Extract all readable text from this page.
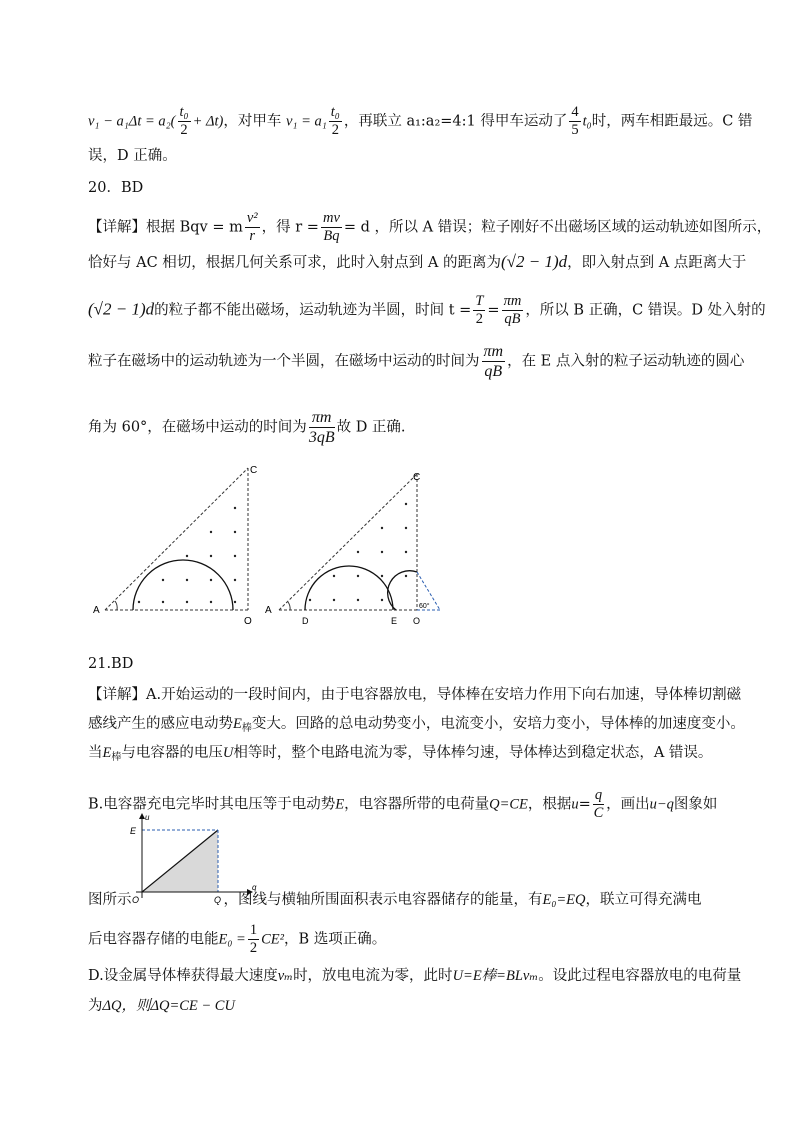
$v_1 - a_1\Delta t = a_2( \frac{\text{t₀}}{2} + \Delta t)$，对甲车 $v_1 = a_1 \frac{\text{t₀}}{2}$ ，再联立 a₁:a₂=4:1 得甲车运动了 $\frac{4}{5} t_0$时，两车相距最远。C 错
误，D 正确。
20．BD
【详解】根据 Bqv = m $\frac{\text{v²}}{r}$ ，得 $r = \frac{mv}{Bq} = d$ ，所以 A 错误；粒子刚好不出磁场区域的运动轨迹如图所示，
恰好与 AC 相切，根据几何关系可求，此时入射点到 A 的距离为(√2 − 1)d，即入射点到 A 点距离大于
(√2 − 1)d的粒子都不能出磁场，运动轨迹为半圆，时间 $t = \frac{T}{2} = \frac{\pi m}{qB}$ ，所以 B 正确，C 错误。D 处入射的
粒子在磁场中的运动轨迹为一个半圆，在磁场中运动的时间为 $\frac{\pi m}{qB}$ ，在 E 点入射的粒子运动轨迹的圆心
角为 60°，在磁场中运动的时间为 $\frac{\pi m}{3qB}$ 故 D 正确.
C
A
O
C
A
D	E O
60°
21.BD
【详解】A.开始运动的一段时间内，由于电容器放电，导体棒在安培力作用下向右加速，导体棒切割磁
感线产生的感应电动势$E_棒$变大。回路的总电动势变小，电流变小，安培力变小，导体棒的加速度变小。
当$E_棒$与电容器的电压U相等时，整个电路电流为零，导体棒匀速，导体棒达到稳定状态，A 错误。
B.电容器充电完毕时其电压等于电动势E，电容器所带的电荷量Q=CE，根据$u= \frac{q}{C}$ ，画出u−q图象如
u
E
q
O	Q
图所示	，图线与横轴所围面积表示电容器储存的能量，有E₀=EQ，联立可得充满电
后电容器存储的电能$E_0 = \frac{1}{2} CE^2$，B 选项正确。
D.设金属导体棒获得最大速度vₘ时，放电电流为零，此时U=E棒=BLvₘ。设此过程电容器放电的电荷量
为ΔQ，则ΔQ=CE − CU
